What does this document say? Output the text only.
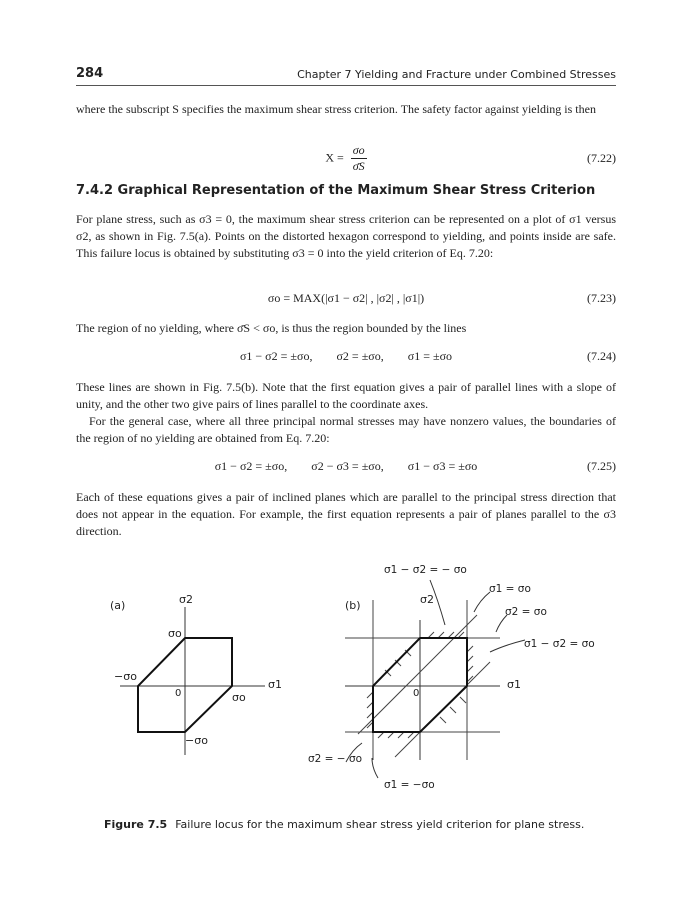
284	Chapter 7 Yielding and Fracture under Combined Stresses
where the subscript S specifies the maximum shear stress criterion. The safety factor against yielding is then
$X = \frac{\sigma o}{\sigmāS}$	(7.22)
7.4.2 Graphical Representation of the Maximum Shear Stress Criterion
For plane stress, such as σ3 = 0, the maximum shear stress criterion can be represented on a plot of σ1 versus σ2, as shown in Fig. 7.5(a). Points on the distorted hexagon correspond to yielding, and points inside are safe. This failure locus is obtained by substituting σ3 = 0 into the yield criterion of Eq. 7.20:
σo = MAX(|σ1 − σ2| , |σ2| , |σ1|)	(7.23)
The region of no yielding, where σ̄S < σo, is thus the region bounded by the lines
σ1 − σ2 = ±σo,        σ2 = ±σo,        σ1 = ±σo	(7.24)
These lines are shown in Fig. 7.5(b). Note that the first equation gives a pair of parallel lines with a slope of unity, and the other two give pairs of lines parallel to the coordinate axes.
For the general case, where all three principal normal stresses may have nonzero values, the boundaries of the region of no yielding are obtained from Eq. 7.20:
σ1 − σ2 = ±σo,        σ2 − σ3 = ±σo,        σ1 − σ3 = ±σo	(7.25)
Each of these equations gives a pair of inclined planes which are parallel to the principal stress direction that does not appear in the equation. For example, the first equation represents a pair of planes parallel to the σ3 direction.
(a)	σ2
σ1
0
σo
σo
−σo
−σo
(b)	σ2
σ1
0
σ1 − σ2 = − σo
σ1 = σo
σ2 = σo
σ1 − σ2 = σo
σ2 = − σo
σ1 = −σo
Figure 7.5 Failure locus for the maximum shear stress yield criterion for plane stress.
